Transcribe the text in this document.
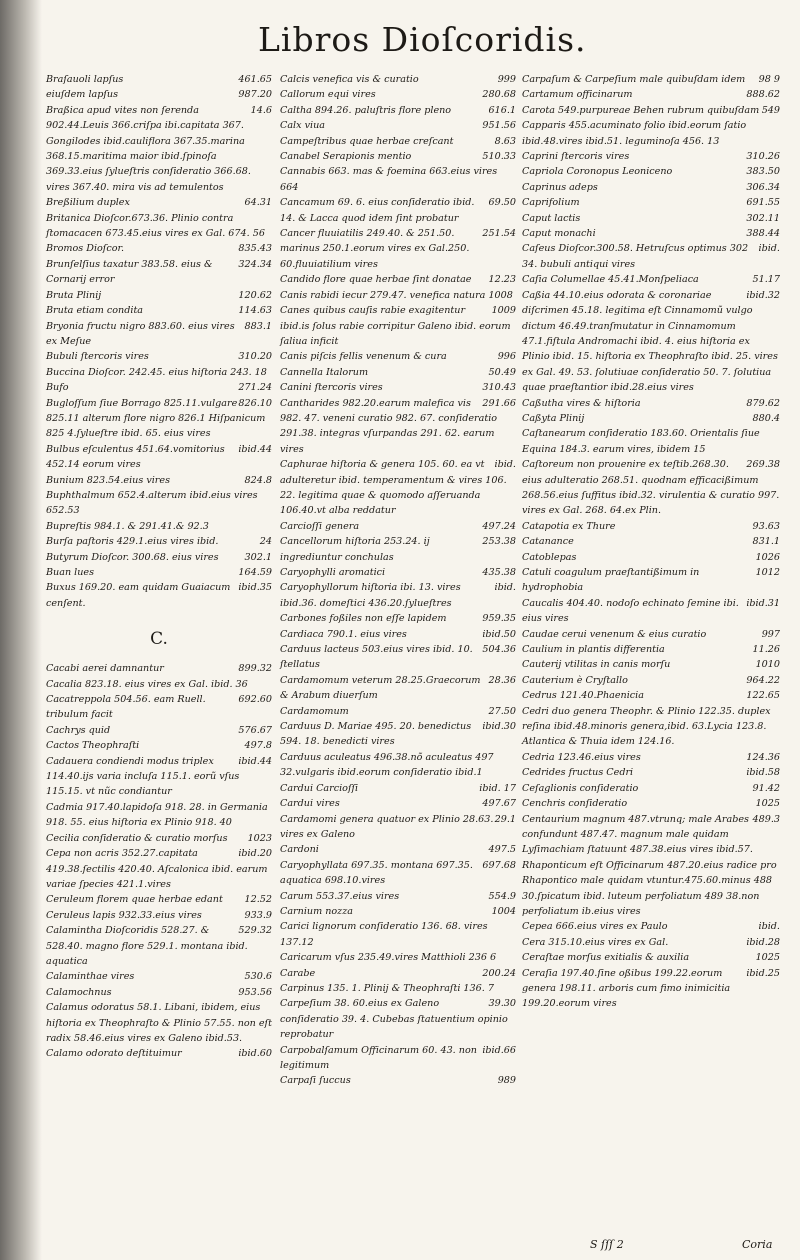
Libros Dioſcoridis.
461.65
Braſauoli lapſus
987.20
eiuſdem lapſus
14.6
Braßica apud vites non ſerenda 902.44.Leuis 366.criſpa ibi.capitata 367. Gongilodes ibid.cauliflora 367.35.marina 368.15.maritima maior ibid.ſpinoſa 369.33.eius ſylueſtris conſideratio 366.68. vires 367.40. mira vis ad temulentos
64.31
Breßilium duplex
Britanica Dioſcor.673.36. Plinio contra ſtomacacen 673.45.eius vires ex Gal. 674. 56
835.43
Bromos Dioſcor.
324.34
Brunſelſius taxatur 383.58. eius & Cornarij error
120.62
Bruta Plinij
114.63
Bruta etiam condita
883.1
Bryonia fructu nigro 883.60. eius vires ex Meſue
310.20
Bubuli ſtercoris vires
Buccina Dioſcor. 242.45. eius hiſtoria 243. 18
271.24
Bufo
826.10
Bugloſſum ſiue Borrago 825.11.vulgare 825.11 alterum flore nigro 826.1 Hiſpanicum 825 4.ſylueſtre ibid. 65. eius vires
ibid.44
Bulbus eſculentus 451.64.vomitorius 452.14 eorum vires
824.8
Bunium 823.54.eius vires
Buphthalmum 652.4.alterum ibid.eius vires 652.53
Bupreſtis 984.1. & 291.41.& 92.3
24
Burſa paſtoris 429.1.eius vires ibid.
302.1
Butyrum Dioſcor. 300.68. eius vires
164.59
Buan lues
ibid.35
Buxus 169.20. eam quidam Guaiacum cenſent.
C.
899.32
Cacabi aerei damnantur
Cacalia 823.18. eius vires ex Gal. ibid. 36
692.60
Cacatreppola 504.56. eam Ruell. tribulum facit
576.67
Cachrys quid
497.8
Cactos Theophraſti
ibid.44
Cadauera condiendi modus triplex 114.40.ijs varia incluſa 115.1. eorũ vſus 115.15. vt nũc condiantur
Cadmia 917.40.lapidoſa 918. 28. in Germania 918. 55. eius hiſtoria ex Plinio 918. 40
1023
Cecilia conſideratio & curatio morſus
ibid.20
Cepa non acris 352.27.capitata 419.38.ſectilis 420.40. Aſcalonica ibid. earum variae ſpecies 421.1.vires
12.52
Ceruleum florem quae herbae edant
933.9
Ceruleus lapis 932.33.eius vires
529.32
Calamintha Dioſcoridis 528.27. & 528.40. magno flore 529.1. montana ibid. aquatica
530.6
Calaminthae vires
953.56
Calamochnus
Calamus odoratus 58.1. Libani, ibidem, eius hiſtoria ex Theophraſto & Plinio 57.55. non eſt radix 58.46.eius vires ex Galeno ibid.53.
ibid.60
Calamo odorato deſtituimur
999
Calcis venefica vis & curatio
280.68
Callorum equi vires
616.1
Caltha 894.26. paluſtris flore pleno
951.56
Calx viua
8.63
Campeſtribus quae herbae creſcant
510.33
Canabel Serapionis mentio
Cannabis 663. mas & foemina 663.eius vires 664
69.50
Cancamum 69. 6. eius conſideratio ibid. 14. & Lacca quod idem ſint probatur
251.54
Cancer fluuiatilis 249.40. & 251.50. marinus 250.1.eorum vires ex Gal.250. 60.fluuiatilium vires
12.23
Candido flore quae herbae ſint donatae
Canis rabidi iecur 279.47. venefica natura 1008
1009
Canes quibus cauſis rabie exagitentur ibid.is ſolus rabie corripitur Galeno ibid. eorum ſaliua inficit
996
Canis piſcis fellis venenum & cura
50.49
Cannella Italorum
310.43
Canini ſtercoris vires
291.66
Cantharides 982.20.earum malefica vis 982. 47. veneni curatio 982. 67. conſideratio 291.38. integras vſurpandas 291. 62. earum vires
ibid.
Caphurae hiſtoria & genera 105. 60. ea vt adulteretur ibid. temperamentum & vires 106. 22. legitima quae & quomodo aſſeruanda 106.40.vt alba reddatur
497.24
Carcioſſi genera
253.38
Cancellorum hiſtoria 253.24. ij ingrediuntur conchulas
435.38
Caryophylli aromatici
ibid.
Caryophyllorum hiſtoria ibi. 13. vires ibid.36. domeſtici 436.20.ſylueſtres
959.35
Carbones foßiles non eſſe lapidem
ibid.50
Cardiaca 790.1. eius vires
504.36
Carduus lacteus 503.eius vires ibid. 10. ſtellatus
28.36
Cardamomum veterum 28.25.Graecorum & Arabum diuerſum
27.50
Cardamomum
ibid.30
Carduus D. Mariae 495. 20. benedictus 594. 18. benedicti vires
Carduus aculeatus 496.38.nõ aculeatus 497 32.vulgaris ibid.eorum conſideratio ibid.1
ibid. 17
Cardui Carcioſſi
497.67
Cardui vires
29.1
Cardamomi genera quatuor ex Plinio 28.63. vires ex Galeno
497.5
Cardoni
697.68
Caryophyllata 697.35. montana 697.35. aquatica 698.10.vires
554.9
Carum 553.37.eius vires
1004
Carnium nozza
Carici lignorum conſideratio 136. 68. vires 137.12
Caricarum vſus 235.49.vires Matthioli 236 6
200.24
Carabe
Carpinus 135. 1. Plinij & Theophraſti 136. 7
39.30
Carpeſium 38. 60.eius ex Galeno conſideratio 39. 4. Cubebas ſtatuentium opinio reprobatur
ibid.66
Carpobalſamum Officinarum 60. 43. non legitimum
989
Carpaſi ſuccus
98 9
Carpaſum & Carpeſium male quibuſdam idem
888.62
Cartamum officinarum
549
Carota 549.purpureae Behen rubrum quibuſdam
Capparis 455.acuminato folio ibid.eorum ſatio ibid.48.vires ibid.51. leguminoſa 456. 13
310.26
Caprini ſtercoris vires
383.50
Capriola Coronopus Leoniceno
306.34
Caprinus adeps
691.55
Caprifolium
302.11
Caput lactis
388.44
Caput monachi
ibid.
Caſeus Dioſcor.300.58. Hetruſcus optimus 302 34. bubuli antiqui vires
51.17
Caſia Columellae 45.41.Monſpeliaca
ibid.32
Caßia 44.10.eius odorata & coronariae diſcrimen 45.18. legitima eſt Cinnamomũ vulgo dictum 46.49.tranſmutatur in Cinnamomum 47.1.fiſtula Andromachi ibid. 4. eius hiſtoria ex Plinio ibid. 15. hiſtoria ex Theophraſto ibid. 25. vires ex Gal. 49. 53. ſolutiuae conſideratio 50. 7. ſolutiua quae praeſtantior ibid.28.eius vires
879.62
Caßutha vires & hiſtoria
880.4
Caßyta Plinij
Caſtanearum conſideratio 183.60. Orientalis ſiue Equina 184.3. earum vires, ibidem 15
269.38
Caſtoreum non prouenire ex teſtib.268.30. eius adulteratio 268.51. quodnam efficacißimum 268.56.eius ſuffitus ibid.32. virulentia & curatio 997. vires ex Gal. 268. 64.ex Plin.
93.63
Catapotia ex Thure
831.1
Catanance
1026
Catoblepas
1012
Catuli coagulum praeſtantißimum in hydrophobia
ibid.31
Caucalis 404.40. nodoſo echinato ſemine ibi. eius vires
997
Caudae cerui venenum & eius curatio
11.26
Caulium in plantis differentia
1010
Cauterij vtilitas in canis morſu
964.22
Cauterium è Cryſtallo
122.65
Cedrus 121.40.Phaenicia
Cedri duo genera Theophr. & Plinio 122.35. duplex reſina ibid.48.minoris genera,ibid. 63.Lycia 123.8. Atlantica & Thuia idem 124.16.
124.36
Cedria 123.46.eius vires
ibid.58
Cedrides fructus Cedri
91.42
Ceſaglionis conſideratio
1025
Cenchris conſideratio
489.3
Centaurium magnum 487.vtrunq; male Arabes confundunt 487.47. magnum male quidam Lyſimachiam ſtatuunt 487.38.eius vires ibid.57. Rhaponticum eſt Officinarum 487.20.eius radice pro Rhapontico male quidam vtuntur.475.60.minus 488 30.ſpicatum ibid. luteum perfoliatum 489 38.non perfoliatum ib.eius vires
ibid.
Cepea 666.eius vires ex Paulo
ibid.28
Cera 315.10.eius vires ex Gal.
1025
Ceraſtae morſus exitialis & auxilia
ibid.25
Ceraſia 197.40.ſine oßibus 199.22.eorum genera 198.11. arboris cum fimo inimicitia 199.20.eorum vires
S ſſſ 2	Coria
